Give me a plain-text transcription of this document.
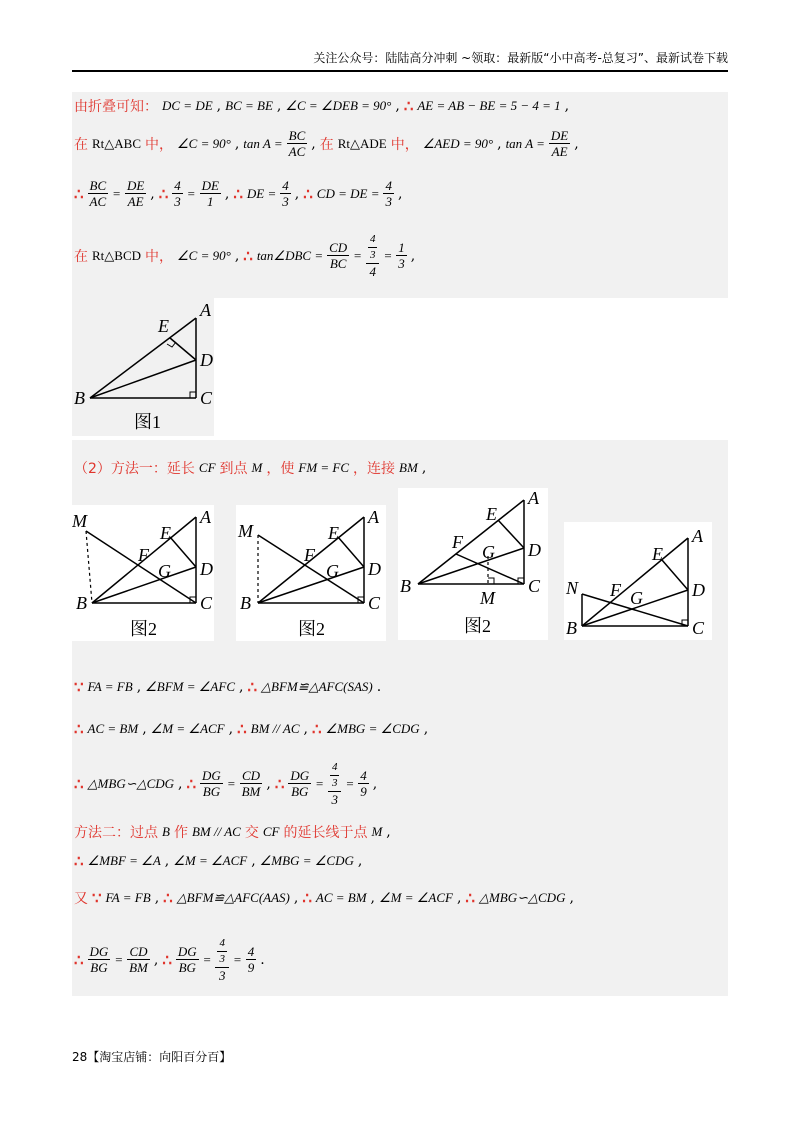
关注公众号：陆陆高分冲刺 ~领取：最新版“小中高考-总复习”、最新试卷下载
由折叠可知： DC = DE , BC = BE , ∠C = ∠DEB = 90° , ∴ AE = AB − BE = 5 − 4 = 1 ,
在 Rt△ABC 中， ∠C = 90° , $\tan A = \frac{BC}{AC}$ , 在 Rt△ADE 中， ∠AED = 90° , $\tan A = \frac{DE}{AE}$ ,
∴ $\frac{BC}{AC} = \frac{DE}{AE}$ , ∴ $\frac{4}{3} = \frac{DE}{1}$ , ∴ DE = $\frac{4}{3}$ , ∴ CD = DE = $\frac{4}{3}$ ,
在 Rt△BCD 中， ∠C = 90° , ∴ tan∠DBC = $\frac{CD}{BC} = \frac{\frac{4}{3}}{4} = \frac{1}{3}$ ,
A
B	C
D
E
图1
（2）方法一：延长 CF 到点 M ，使 FM = FC ，连接 BM ,
M
E
A
F
G D
B	C
图2
M	E
A
F
G D
B	C
图2
E
A
F G D
B
M
C
图2
E
A
N F G	D
B	C
∵ FA = FB , ∠BFM = ∠AFC , ∴ △BFM≌△AFC(SAS) .
∴ AC = BM , ∠M = ∠ACF , ∴ BM // AC , ∴ ∠MBG = ∠CDG ,
∴ △MBG∽△CDG , ∴ $\frac{DG}{BG} = \frac{CD}{BM}$ , ∴ $\frac{DG}{BG} = \frac{\frac{4}{3}}{3} = \frac{4}{9}$ ,
方法二：过点 B 作 BM // AC 交 CF 的延长线于点 M ,
∴ ∠MBF = ∠A , ∠M = ∠ACF , ∠MBG = ∠CDG ,
又 ∵ FA = FB , ∴ △BFM≌△AFC(AAS) , ∴ AC = BM , ∠M = ∠ACF , ∴ △MBG∽△CDG ,
∴ $\frac{DG}{BG} = \frac{CD}{BM}$ , ∴ $\frac{DG}{BG} = \frac{\frac{4}{3}}{3} = \frac{4}{9}$ .
28【淘宝店铺：向阳百分百】
